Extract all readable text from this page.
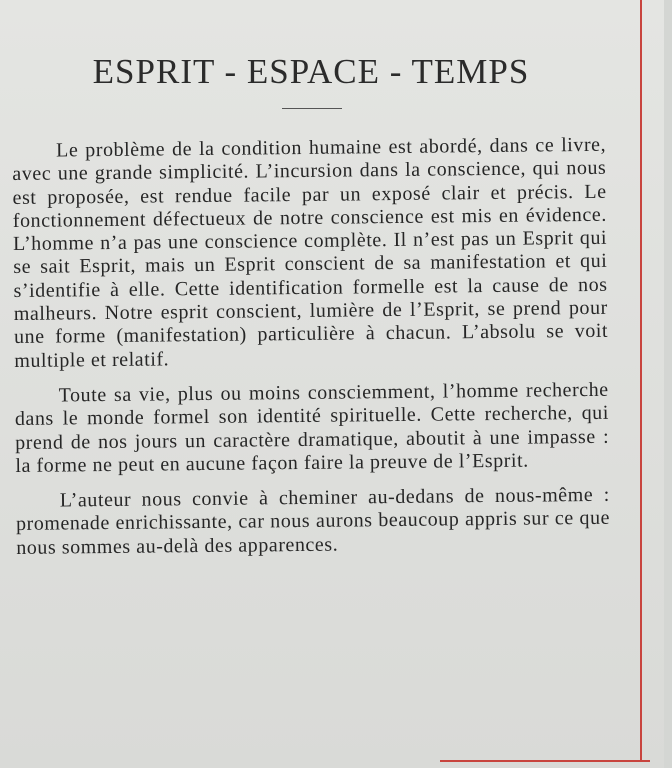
ESPRIT - ESPACE - TEMPS

Le problème de la condition humaine est abordé, dans ce livre, avec une grande simplicité. L’incursion dans la conscience, qui nous est proposée, est rendue facile par un exposé clair et précis. Le fonctionnement défectueux de notre conscience est mis en évidence. L’homme n’a pas une conscience complète. Il n’est pas un Esprit qui se sait Esprit, mais un Esprit conscient de sa manifestation et qui s’identifie à elle. Cette identification formelle est la cause de nos malheurs. Notre esprit conscient, lumière de l’Esprit, se prend pour une forme (manifestation) particulière à chacun. L’absolu se voit multiple et relatif.

Toute sa vie, plus ou moins consciemment, l’homme recherche dans le monde formel son identité spirituelle. Cette recherche, qui prend de nos jours un caractère dramatique, aboutit à une impasse : la forme ne peut en aucune façon faire la preuve de l’Esprit.

L’auteur nous convie à cheminer au-dedans de nous-même : promenade enrichissante, car nous aurons beaucoup appris sur ce que nous sommes au-delà des apparences.
